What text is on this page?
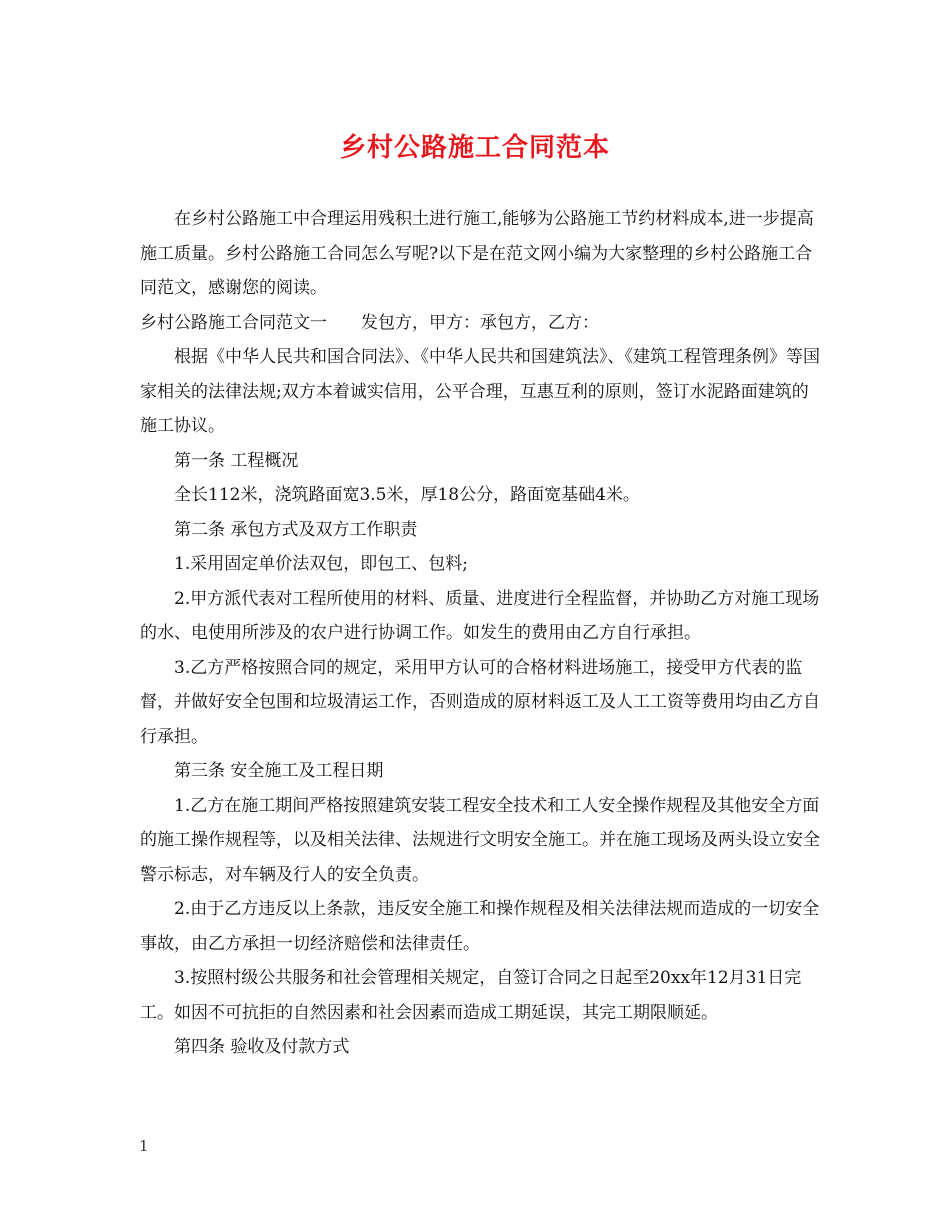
乡村公路施工合同范本

在乡村公路施工中合理运用残积土进行施工,能够为公路施工节约材料成本,进一步提高施工质量。乡村公路施工合同怎么写呢?以下是在范文网小编为大家整理的乡村公路施工合同范文，感谢您的阅读。

乡村公路施工合同范文一 发包方，甲方：承包方，乙方：

根据《中华人民共和国合同法》、《中华人民共和国建筑法》、《建筑工程管理条例》等国家相关的法律法规;双方本着诚实信用，公平合理，互惠互利的原则，签订水泥路面建筑的施工协议。

第一条 工程概况

全长112米，浇筑路面宽3.5米，厚18公分，路面宽基础4米。

第二条 承包方式及双方工作职责

1.采用固定单价法双包，即包工、包料;

2.甲方派代表对工程所使用的材料、质量、进度进行全程监督，并协助乙方对施工现场的水、电使用所涉及的农户进行协调工作。如发生的费用由乙方自行承担。

3.乙方严格按照合同的规定，采用甲方认可的合格材料进场施工，接受甲方代表的监督，并做好安全包围和垃圾清运工作，否则造成的原材料返工及人工工资等费用均由乙方自行承担。

第三条 安全施工及工程日期

1.乙方在施工期间严格按照建筑安装工程安全技术和工人安全操作规程及其他安全方面的施工操作规程等，以及相关法律、法规进行文明安全施工。并在施工现场及两头设立安全警示标志，对车辆及行人的安全负责。

2.由于乙方违反以上条款，违反安全施工和操作规程及相关法律法规而造成的一切安全事故，由乙方承担一切经济赔偿和法律责任。

3.按照村级公共服务和社会管理相关规定，自签订合同之日起至20xx年12月31日完工。如因不可抗拒的自然因素和社会因素而造成工期延误，其完工期限顺延。

第四条 验收及付款方式

1
